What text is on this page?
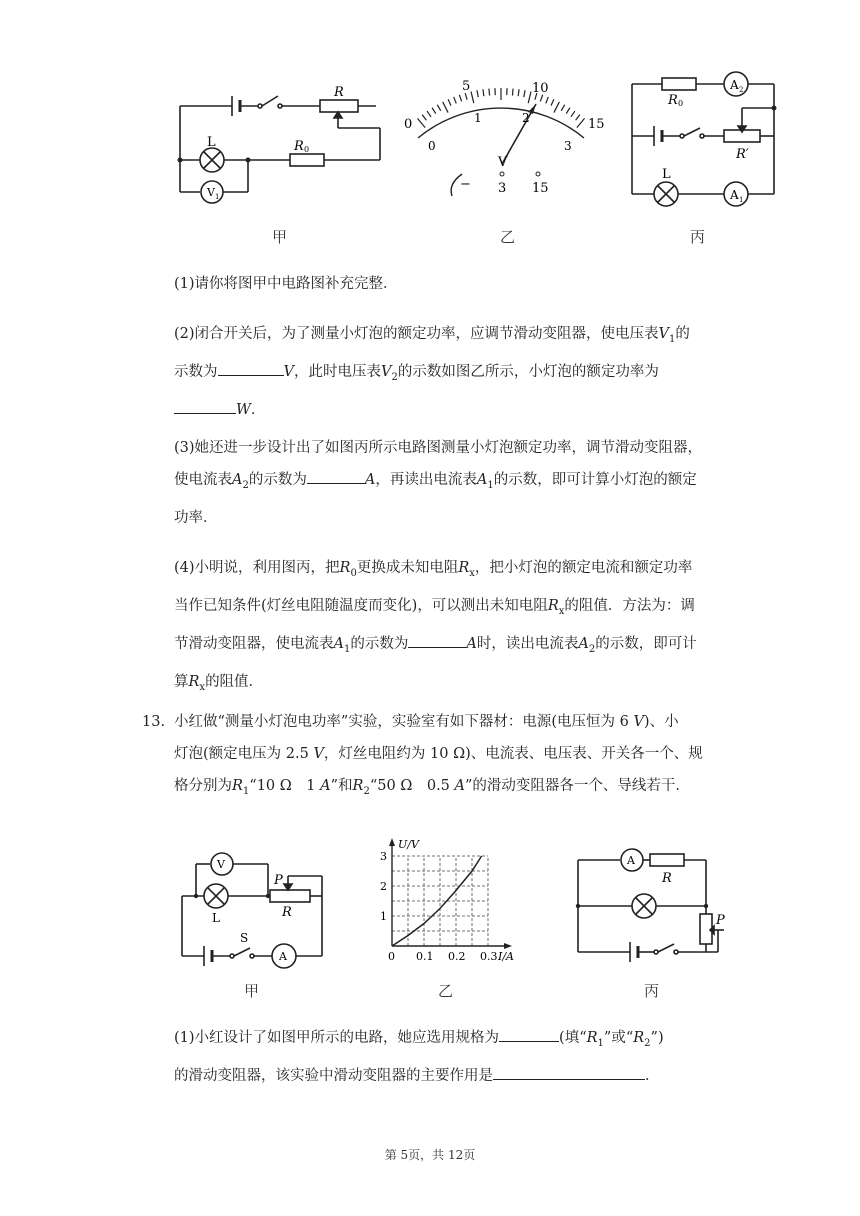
R
L	R 0
V 1
甲
0
5	10
15
0
1	2
3
V
− 3 15
乙
A 2
R 0
R′
L
A 1
丙
(1)请你将图甲中电路图补充完整．
(2)闭合开关后，为了测量小灯泡的额定功率，应调节滑动变阻器，使电压表$V_1$的
示数为	V，此时电压表$V_2$的示数如图乙所示，小灯泡的额定功率为
W．
(3)她还进一步设计出了如图丙所示电路图测量小灯泡额定功率，调节滑动变阻器，
使电流表$A_2$的示数为	A，再读出电流表$A_1$的示数，即可计算小灯泡的额定
功率．
(4)小明说，利用图丙，把$R_0$更换成未知电阻$R_x$，把小灯泡的额定电流和额定功率
当作已知条件(灯丝电阻随温度而变化)，可以测出未知电阻$R_x$的阻值．方法为：调
节滑动变阻器，使电流表$A_1$的示数为	A时，读出电流表$A_2$的示数，即可计
算$R_x$的阻值．
13. 小红做“测量小灯泡电功率”实验，实验室有如下器材：电源(电压恒为 6 V)、小
灯泡(额定电压为 2.5 V，灯丝电阻约为 10 Ω)、电流表、电压表、开关各一个、规
格分别为$R_1“10$ Ω　1 A”和$R_2“50$ Ω　0.5 A”的滑动变阻器各一个、导线若干．
V
L
P
R
S
A
甲
0 0.1 0.2 0.3
1
2
3
I/A
U/V
乙
A
R
P
丙
(1)小红设计了如图甲所示的电路，她应选用规格为	(填“$R_1$”或“$R_2$”)
的滑动变阻器，该实验中滑动变阻器的主要作用是	．
第 5页，共 12页
